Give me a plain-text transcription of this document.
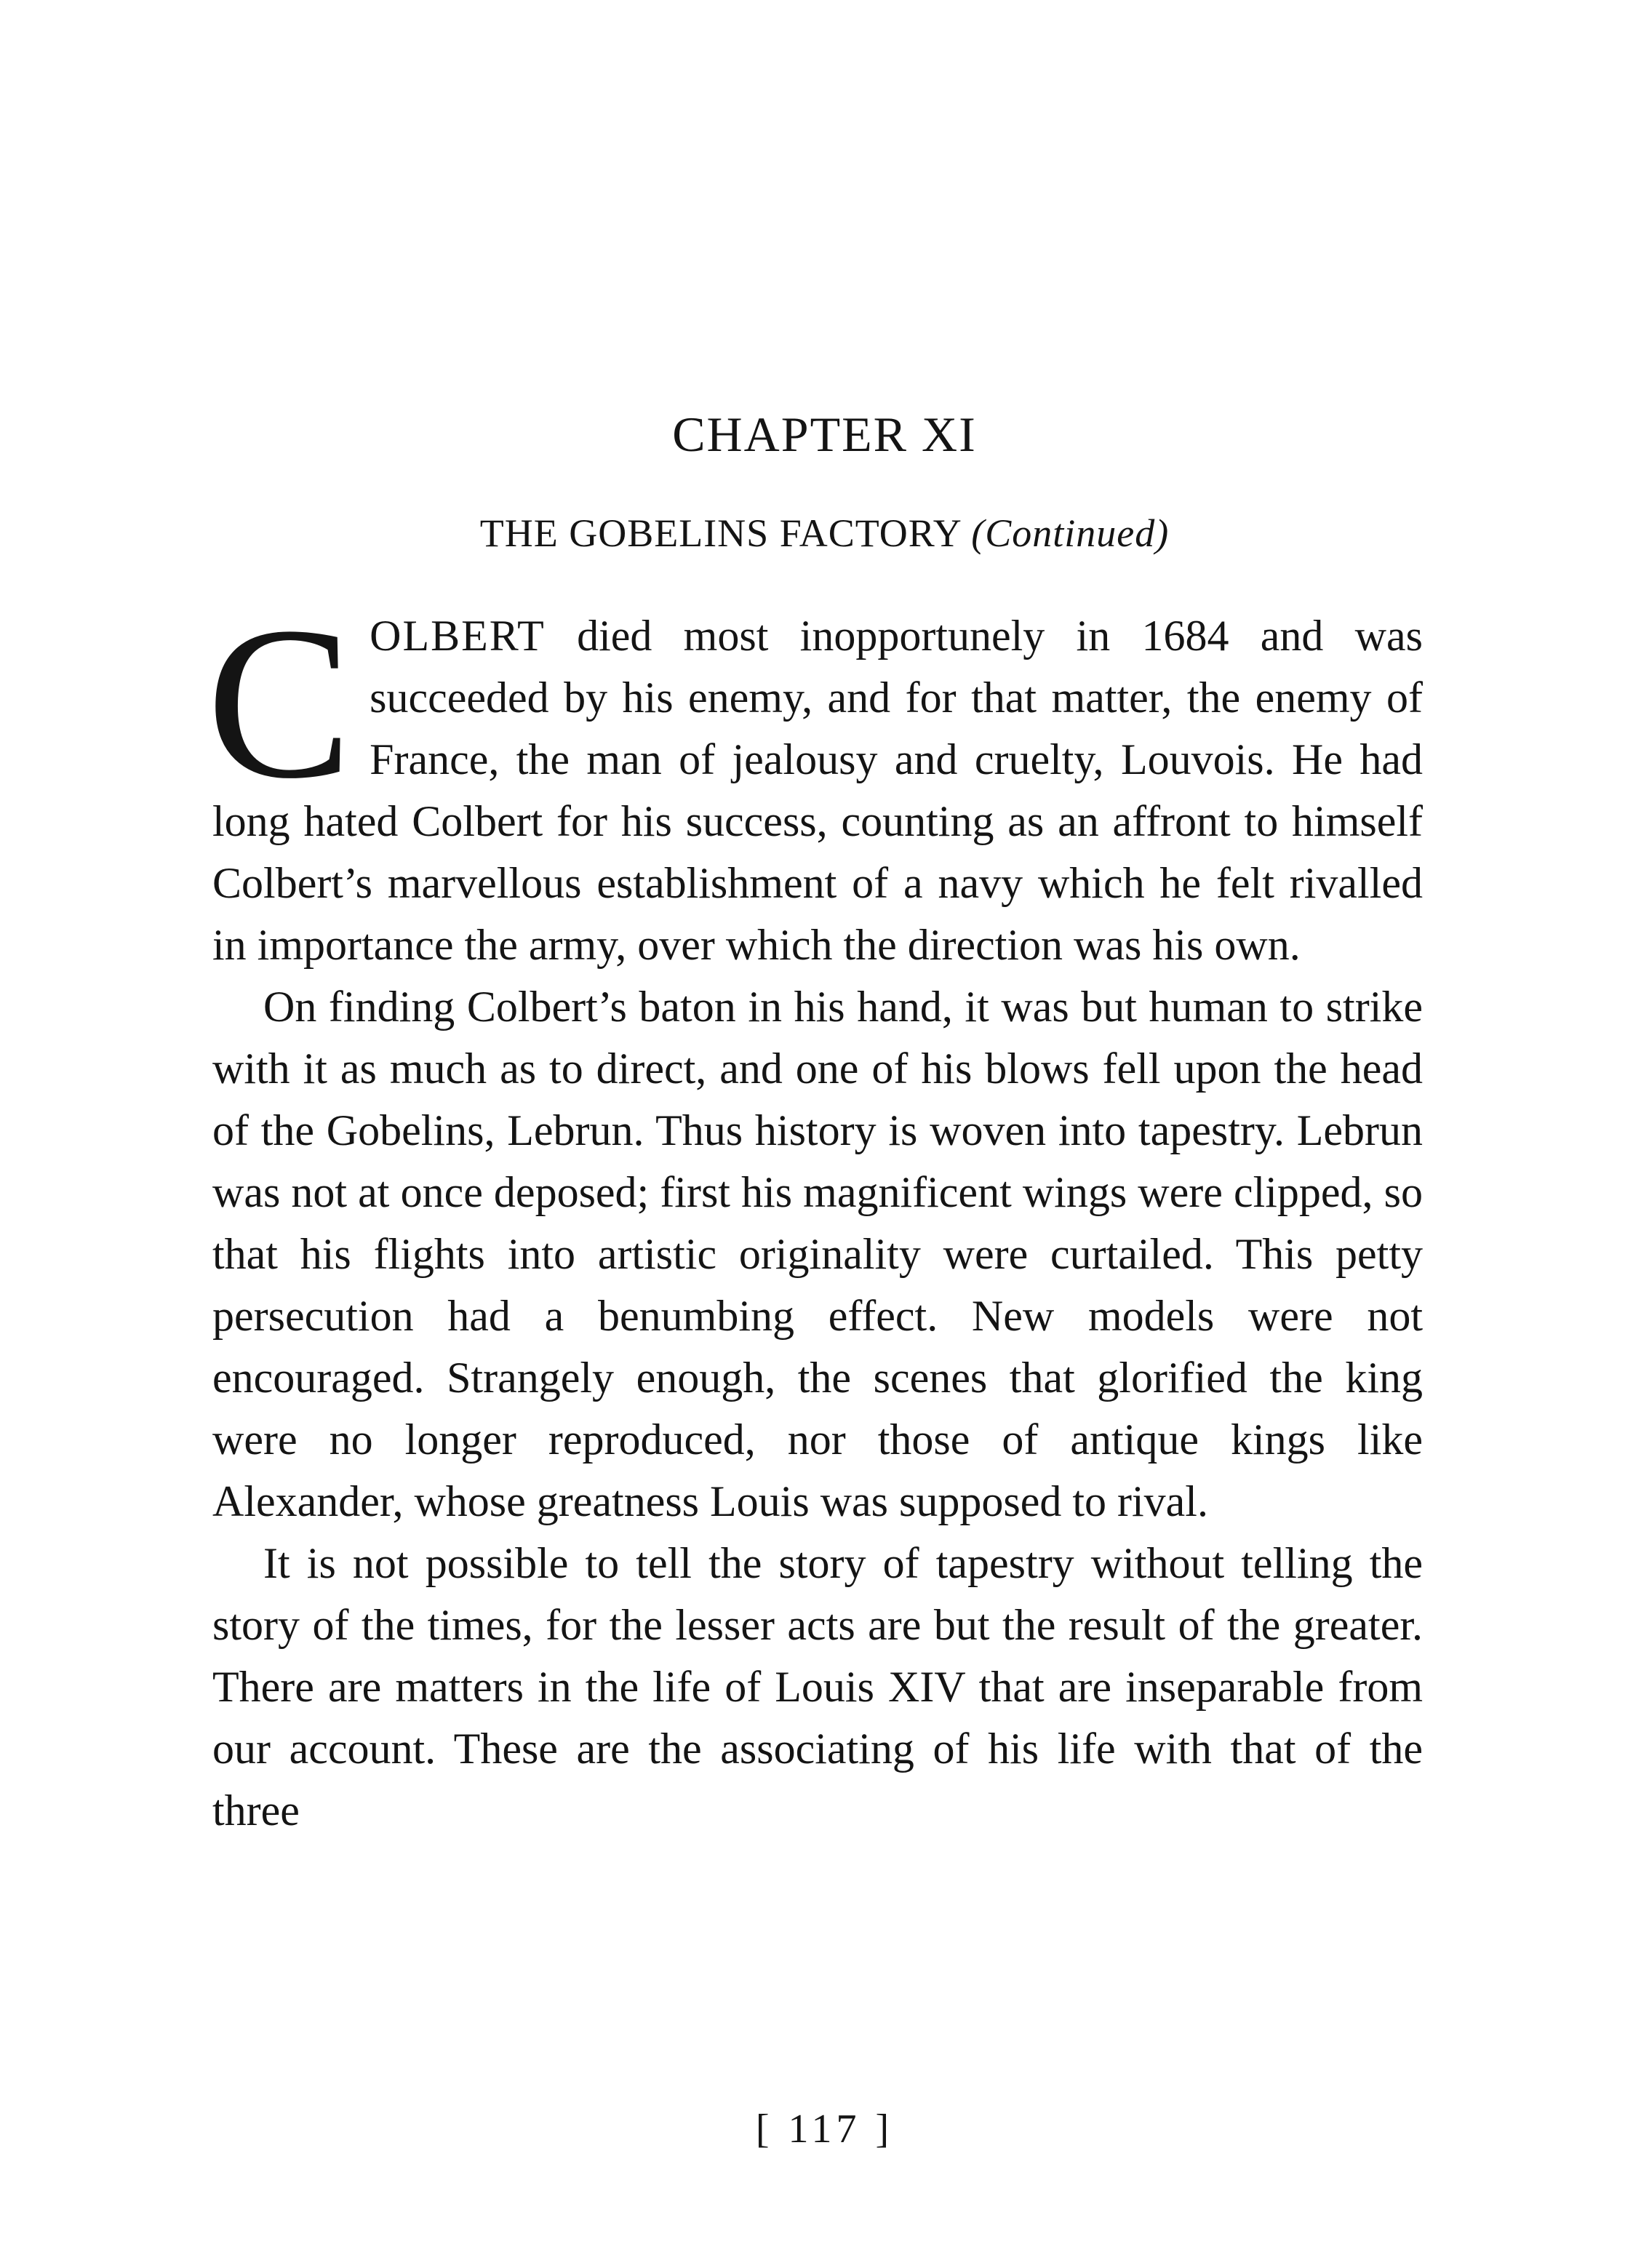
CHAPTER XI
THE GOBELINS FACTORY (Continued)

COLBERT died most inopportunely in 1684 and was succeeded by his enemy, and for that matter, the enemy of France, the man of jealousy and cruelty, Louvois. He had long hated Colbert for his success, counting as an affront to himself Colbert’s marvellous establishment of a navy which he felt rivalled in importance the army, over which the direction was his own.

On finding Colbert’s baton in his hand, it was but human to strike with it as much as to direct, and one of his blows fell upon the head of the Gobelins, Lebrun. Thus history is woven into tapestry. Lebrun was not at once deposed; first his magnificent wings were clipped, so that his flights into artistic originality were curtailed. This petty persecution had a benumbing effect. New models were not encouraged. Strangely enough, the scenes that glorified the king were no longer reproduced, nor those of antique kings like Alexander, whose greatness Louis was supposed to rival.

It is not possible to tell the story of tapestry without telling the story of the times, for the lesser acts are but the result of the greater. There are matters in the life of Louis XIV that are inseparable from our account. These are the associating of his life with that of the three

[ 117 ]
